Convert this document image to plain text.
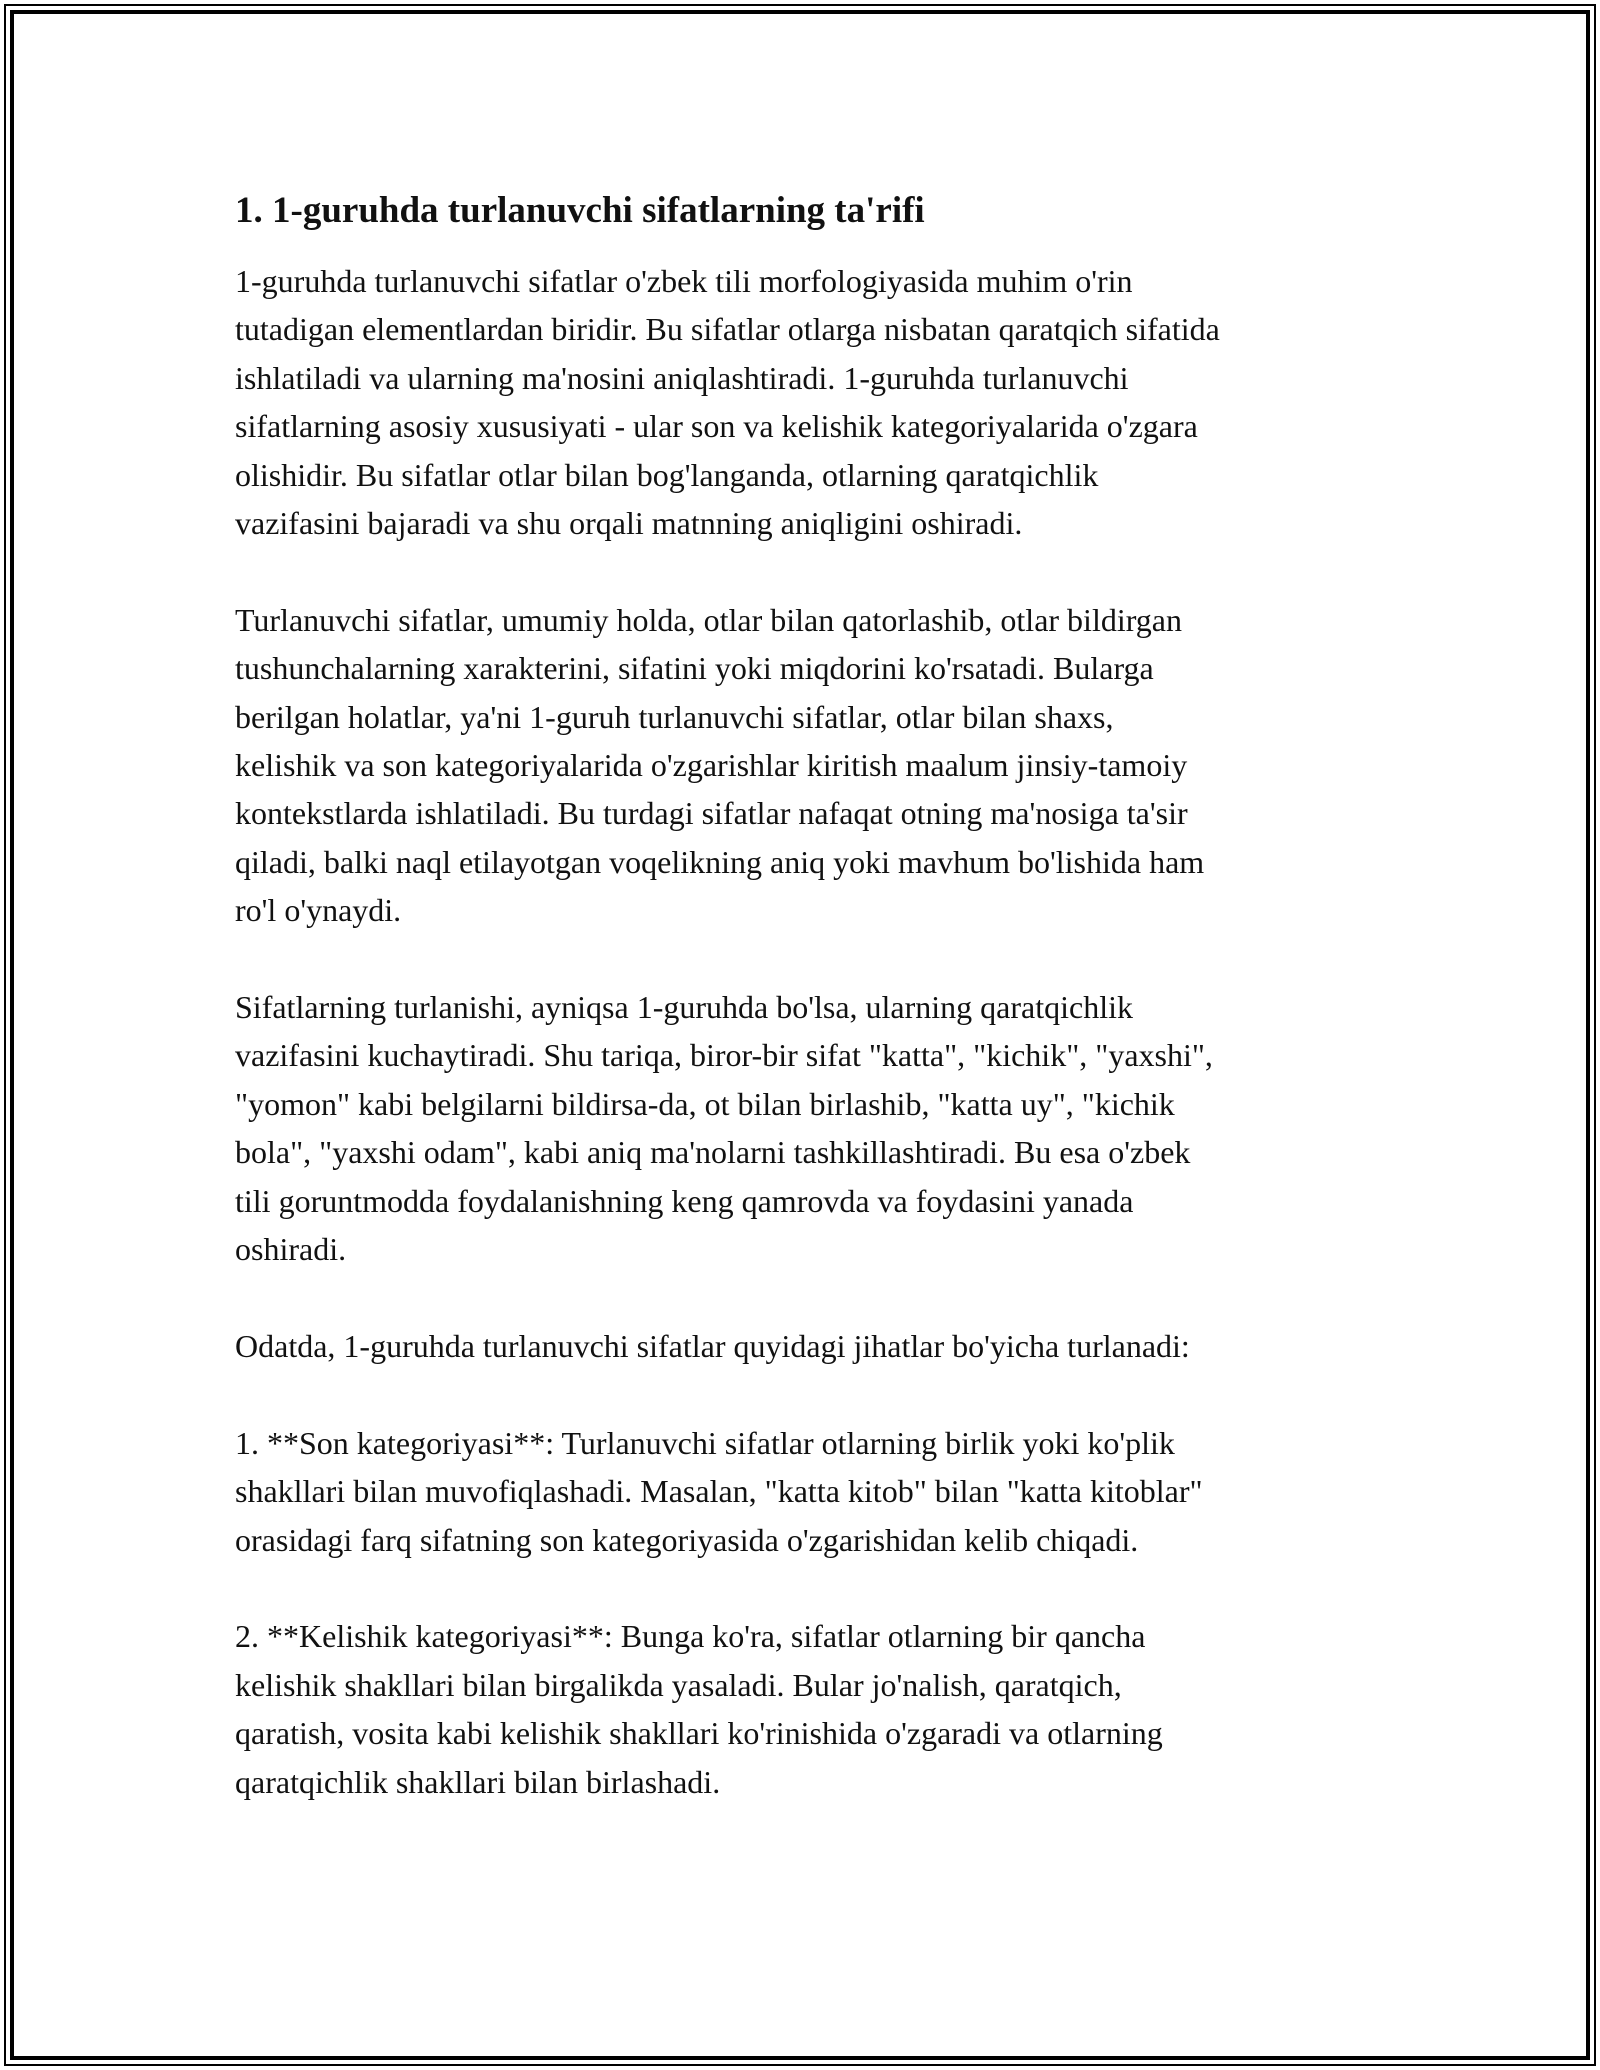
1. 1-guruhda turlanuvchi sifatlarning ta'rifi

1-guruhda turlanuvchi sifatlar o'zbek tili morfologiyasida muhim o'rin
tutadigan elementlardan biridir. Bu sifatlar otlarga nisbatan qaratqich sifatida
ishlatiladi va ularning ma'nosini aniqlashtiradi. 1-guruhda turlanuvchi
sifatlarning asosiy xususiyati - ular son va kelishik kategoriyalarida o'zgara
olishidir. Bu sifatlar otlar bilan bog'langanda, otlarning qaratqichlik
vazifasini bajaradi va shu orqali matnning aniqligini oshiradi.

Turlanuvchi sifatlar, umumiy holda, otlar bilan qatorlashib, otlar bildirgan
tushunchalarning xarakterini, sifatini yoki miqdorini ko'rsatadi. Bularga
berilgan holatlar, ya'ni 1-guruh turlanuvchi sifatlar, otlar bilan shaxs,
kelishik va son kategoriyalarida o'zgarishlar kiritish maalum jinsiy-tamoiy
kontekstlarda ishlatiladi. Bu turdagi sifatlar nafaqat otning ma'nosiga ta'sir
qiladi, balki naql etilayotgan voqelikning aniq yoki mavhum bo'lishida ham
ro'l o'ynaydi.

Sifatlarning turlanishi, ayniqsa 1-guruhda bo'lsa, ularning qaratqichlik
vazifasini kuchaytiradi. Shu tariqa, biror-bir sifat "katta", "kichik", "yaxshi",
"yomon" kabi belgilarni bildirsa-da, ot bilan birlashib, "katta uy", "kichik
bola", "yaxshi odam", kabi aniq ma'nolarni tashkillashtiradi. Bu esa o'zbek
tili goruntmodda foydalanishning keng qamrovda va foydasini yanada
oshiradi.

Odatda, 1-guruhda turlanuvchi sifatlar quyidagi jihatlar bo'yicha turlanadi:

1. **Son kategoriyasi**: Turlanuvchi sifatlar otlarning birlik yoki ko'plik
shakllari bilan muvofiqlashadi. Masalan, "katta kitob" bilan "katta kitoblar"
orasidagi farq sifatning son kategoriyasida o'zgarishidan kelib chiqadi.

2. **Kelishik kategoriyasi**: Bunga ko'ra, sifatlar otlarning bir qancha
kelishik shakllari bilan birgalikda yasaladi. Bular jo'nalish, qaratqich,
qaratish, vosita kabi kelishik shakllari ko'rinishida o'zgaradi va otlarning
qaratqichlik shakllari bilan birlashadi.
